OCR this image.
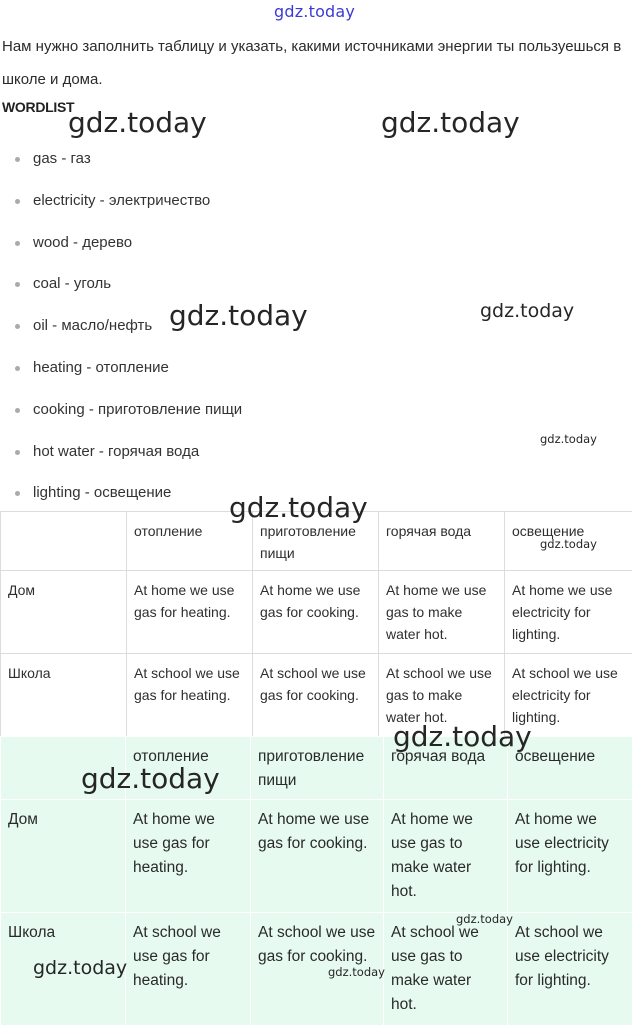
gdz.today
Нам нужно заполнить таблицу и указать, какими источниками энергии ты пользуешься в школе и дома.
WORDLIST
gas - газ
electricity - электричество
wood - дерево
coal - уголь
oil - масло/нефть
heating - отопление
cooking - приготовление пищи
hot water - горячая вода
lighting - освещение
	отопление	приготовление пищи	горячая вода	освещение
Дом	At home we use gas for heating.	At home we use gas for cooking.	At home we use gas to make water hot.	At home we use electricity for lighting.
Школа	At school we use gas for heating.	At school we use gas for cooking.	At school we use gas to make water hot.	At school we use electricity for lighting.
	отопление	приготовление пищи	горячая вода	освещение
Дом	At home we use gas for heating.	At home we use gas for cooking.	At home we use gas to make water hot.	At home we use electricity for lighting.
Школа	At school we use gas for heating.	At school we use gas for cooking.	At school we use gas to make water hot.	At school we use electricity for lighting.
gdz.today	gdz.today
gdz.today	gdz.today
gdz.today
gdz.today
gdz.today
gdz.today
gdz.today
gdz.today
gdz.today	gdz.today
